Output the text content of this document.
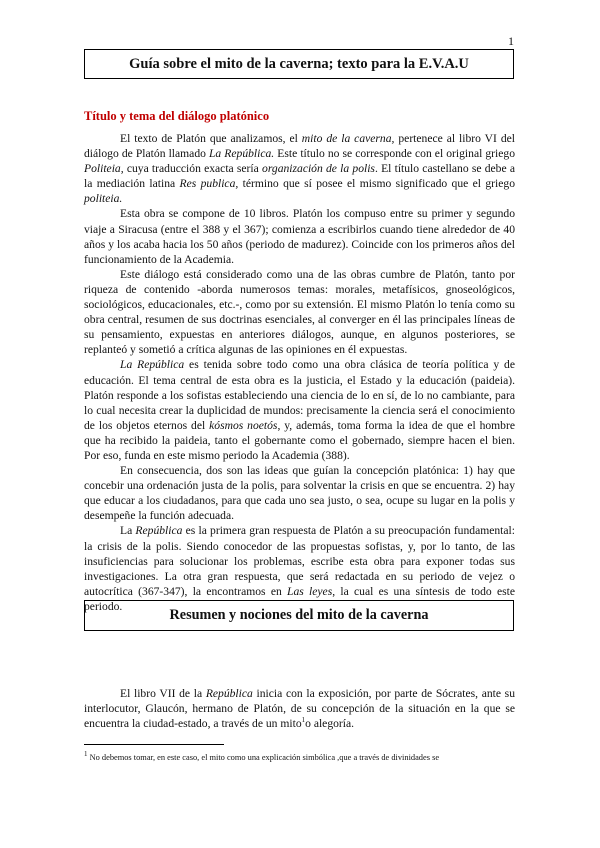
1
Guía sobre el mito de la caverna; texto para la E.V.A.U
Título y tema del diálogo platónico

El texto de Platón que analizamos, el mito de la caverna, pertenece al libro VI del diálogo de Platón llamado La República. Este título no se corresponde con el original griego Politeia, cuya traducción exacta sería organización de la polis. El título castellano se debe a la mediación latina Res publica, término que sí posee el mismo significado que el griego politeia.

Esta obra se compone de 10 libros. Platón los compuso entre su primer y segundo viaje a Siracusa (entre el 388 y el 367); comienza a escribirlos cuando tiene alrededor de 40 años y los acaba hacia los 50 años (periodo de madurez). Coincide con los primeros años del funcionamiento de la Academia.

Este diálogo está considerado como una de las obras cumbre de Platón, tanto por riqueza de contenido -aborda numerosos temas: morales, metafísicos, gnoseológicos, sociológicos, educacionales, etc.-, como por su extensión. El mismo Platón lo tenía como su obra central, resumen de sus doctrinas esenciales, al converger en él las principales líneas de su pensamiento, expuestas en anteriores diálogos, aunque, en algunos posteriores, se replanteó y sometió a crítica algunas de las opiniones en él expuestas.

La República es tenida sobre todo como una obra clásica de teoría política y de educación. El tema central de esta obra es la justicia, el Estado y la educación (paideia). Platón responde a los sofistas estableciendo una ciencia de lo en sí, de lo no cambiante, para lo cual necesita crear la duplicidad de mundos: precisamente la ciencia será el conocimiento de los objetos eternos del kósmos noetós, y, además, toma forma la idea de que el hombre que ha recibido la paideia, tanto el gobernante como el gobernado, siempre hacen el bien. Por eso, funda en este mismo periodo la Academia (388).

En consecuencia, dos son las ideas que guían la concepción platónica: 1) hay que concebir una ordenación justa de la polis, para solventar la crisis en que se encuentra. 2) hay que educar a los ciudadanos, para que cada uno sea justo, o sea, ocupe su lugar en la polis y desempeñe la función adecuada.

La República es la primera gran respuesta de Platón a su preocupación fundamental: la crisis de la polis. Siendo conocedor de las propuestas sofistas, y, por lo tanto, de las insuficiencias para solucionar los problemas, escribe esta obra para exponer todas sus investigaciones. La otra gran respuesta, que será redactada en su periodo de vejez o autocrítica (367-347), la encontramos en Las leyes, la cual es una síntesis de todo este periodo.

Resumen y nociones del mito de la caverna

El libro VII de la República inicia con la exposición, por parte de Sócrates, ante su interlocutor, Glaucón, hermano de Platón, de su concepción de la situación en la que se encuentra la ciudad-estado, a través de un mito$^1$o alegoría.

$^1$ No debemos tomar, en este caso, el mito como una explicación simbólica ,que a través de divinidades se
